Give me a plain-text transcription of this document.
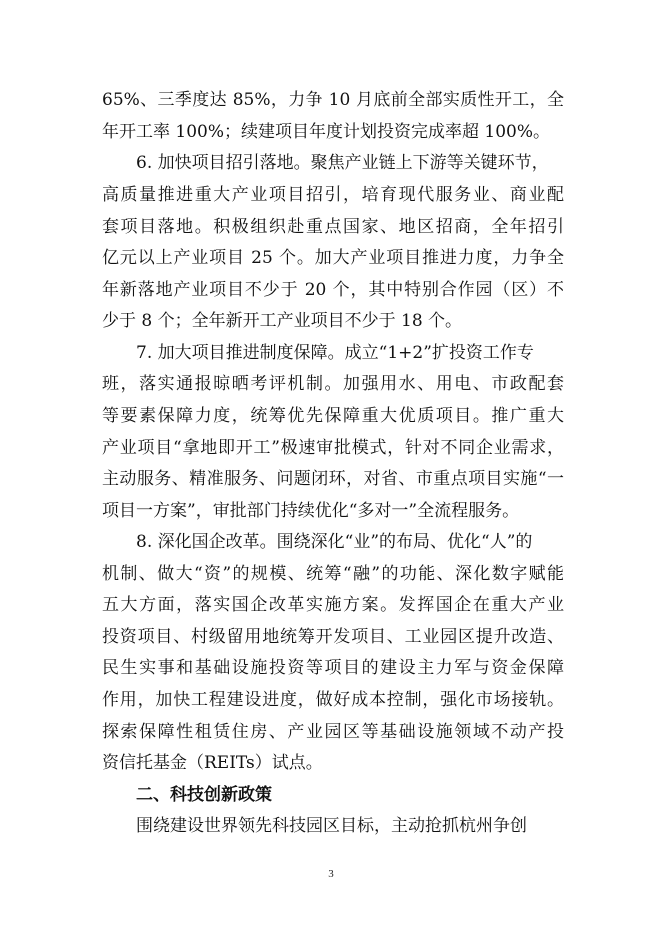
65%、三季度达 85%，力争 10 月底前全部实质性开工，全
年开工率 100%；续建项目年度计划投资完成率超 100%。
6. 加快项目招引落地。聚焦产业链上下游等关键环节，
高质量推进重大产业项目招引，培育现代服务业、商业配
套项目落地。积极组织赴重点国家、地区招商，全年招引
亿元以上产业项目 25 个。加大产业项目推进力度，力争全
年新落地产业项目不少于 20 个，其中特别合作园（区）不
少于 8 个；全年新开工产业项目不少于 18 个。
7. 加大项目推进制度保障。成立“1+2”扩投资工作专
班，落实通报晾晒考评机制。加强用水、用电、市政配套
等要素保障力度，统筹优先保障重大优质项目。推广重大
产业项目“拿地即开工”极速审批模式，针对不同企业需求，
主动服务、精准服务、问题闭环，对省、市重点项目实施“一
项目一方案”，审批部门持续优化“多对一”全流程服务。
8. 深化国企改革。围绕深化“业”的布局、优化“人”的
机制、做大“资”的规模、统筹“融”的功能、深化数字赋能
五大方面，落实国企改革实施方案。发挥国企在重大产业
投资项目、村级留用地统筹开发项目、工业园区提升改造、
民生实事和基础设施投资等项目的建设主力军与资金保障
作用，加快工程建设进度，做好成本控制，强化市场接轨。
探索保障性租赁住房、产业园区等基础设施领域不动产投
资信托基金（REITs）试点。
二、科技创新政策
围绕建设世界领先科技园区目标，主动抢抓杭州争创
3
